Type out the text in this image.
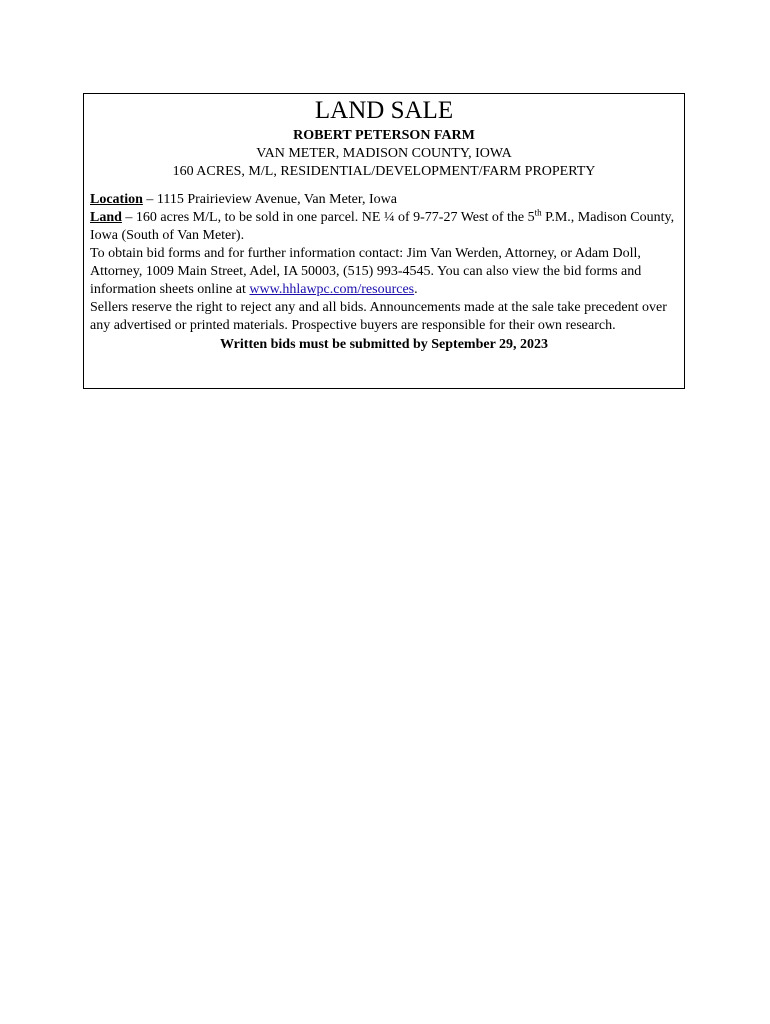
LAND SALE
ROBERT PETERSON FARM
VAN METER, MADISON COUNTY, IOWA
160 ACRES, M/L, RESIDENTIAL/DEVELOPMENT/FARM PROPERTY
Location – 1115 Prairieview Avenue, Van Meter, Iowa
Land – 160 acres M/L, to be sold in one parcel. NE ¼ of 9-77-27 West of the 5th P.M., Madison County, Iowa (South of Van Meter).
To obtain bid forms and for further information contact: Jim Van Werden, Attorney, or Adam Doll, Attorney, 1009 Main Street, Adel, IA 50003, (515) 993-4545. You can also view the bid forms and information sheets online at www.hhlawpc.com/resources.
Sellers reserve the right to reject any and all bids. Announcements made at the sale take precedent over any advertised or printed materials. Prospective buyers are responsible for their own research.
Written bids must be submitted by September 29, 2023
